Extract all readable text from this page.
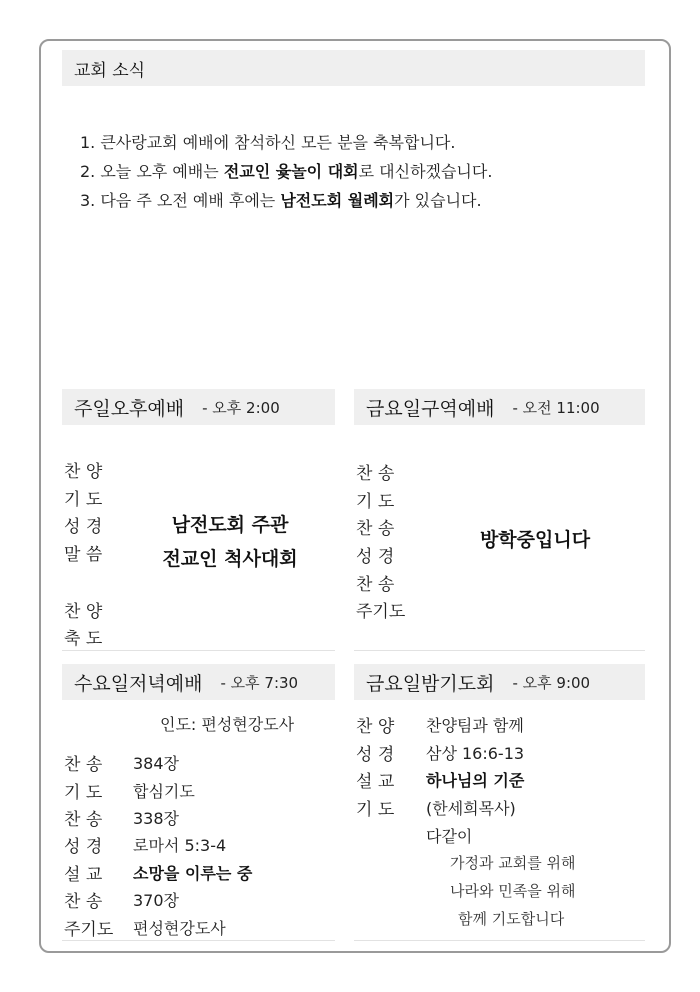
교회 소식
1. 큰사랑교회 예배에 참석하신 모든 분을 축복합니다.
2. 오늘 오후 예배는 전교인 윷놀이 대회로 대신하겠습니다.
3. 다음 주 오전 예배 후에는 남전도회 월례회가 있습니다.
주일오후예배 - 오후 2:00
찬 양
기 도
성 경
말 씀
찬 양
축 도
남전도회 주관
전교인 척사대회
금요일구역예배 - 오전 11:00
찬 송
기 도
찬 송
성 경
찬 송
주기도
방학중입니다
수요일저녁예배 - 오후 7:30
인도: 편성현강도사
찬 송 384장
기 도 합심기도
찬 송 338장
성 경 로마서 5:3-4
설 교 소망을 이루는 중
찬 송 370장
주기도 편성현강도사
금요일밤기도회 - 오후 9:00
찬 양 찬양팀과 함께
성 경 삼상 16:6-13
설 교 하나님의 기준
기 도 (한세희목사)
다같이
가정과 교회를 위해
나라와 민족을 위해
함께 기도합니다
